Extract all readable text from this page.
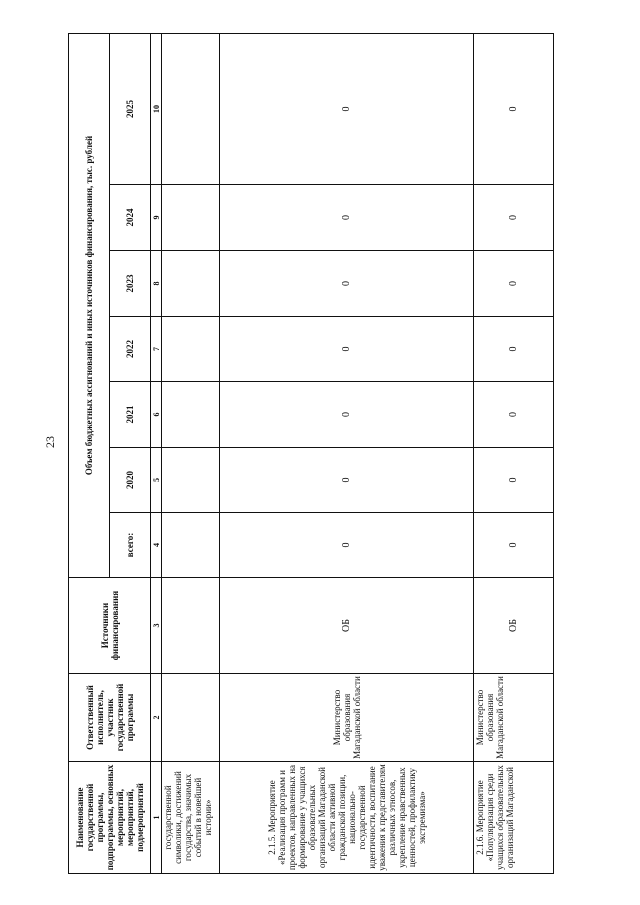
23
Наименование государственной программы, подпрограммы, основных мероприятий, мероприятий, подмероприятий	Ответственный исполнитель, участник государственной программы	Источники финансирования	Объем бюджетных ассигнований и иных источников финансирования, тыс. рублей						
			всего:	2020	2021	2022	2023	2024	2025
1	2	3	4	5	6	7	8	9	10
государственной символики, достижений государства, значимых событий в новейшей истории»									
2.1.5. Мероприятие «Реализация программ и проектов, направленных на формирование у учащихся образовательных организаций Магаданской области активной гражданской позиции, национально-государственной идентичности, воспитание уважения к представителям различных этносов, укрепление нравственных ценностей, профилактику экстремизма»	Министерство образования Магаданской области	ОБ	0	0	0	0	0	0	0
2.1.6. Мероприятие «Популяризация среди учащихся образовательных организаций Магаданской	Министерство образования Магаданской области	ОБ	0	0	0	0	0	0	0
